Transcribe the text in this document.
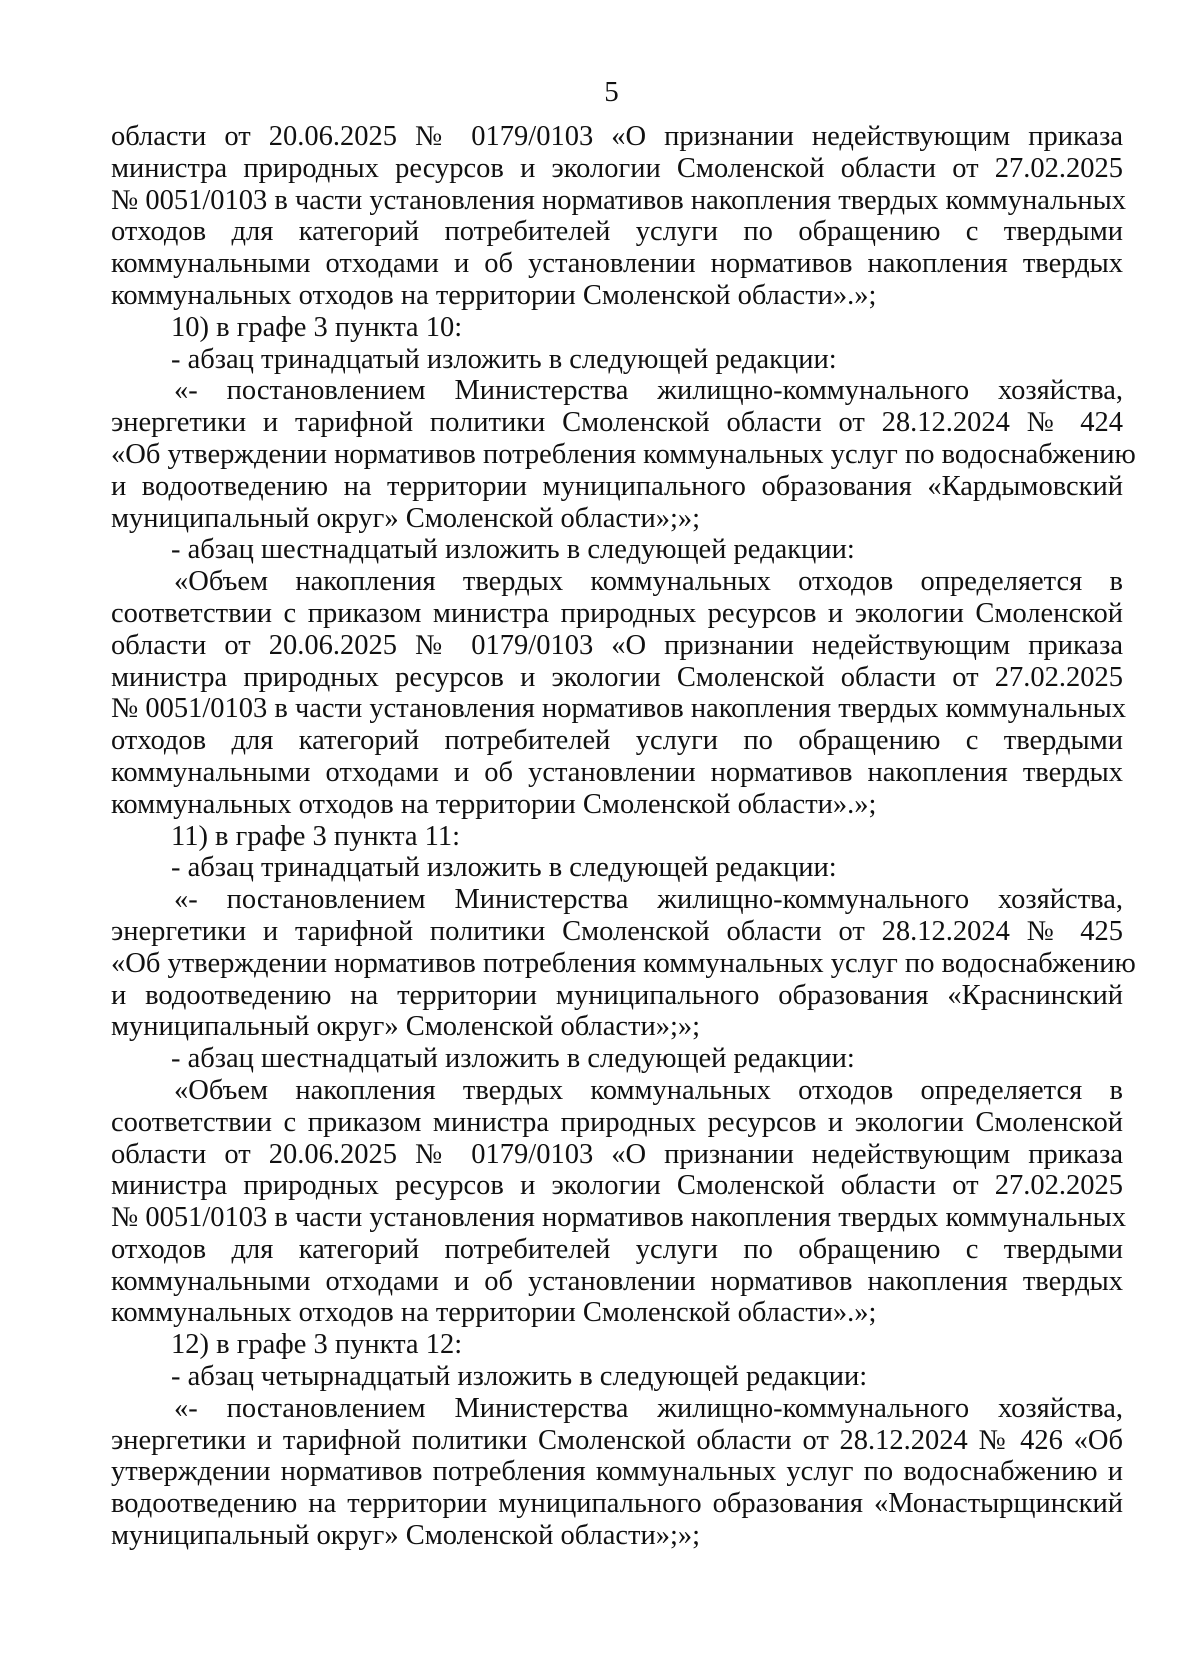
5
области от 20.06.2025 № 0179/0103 «О признании недействующим приказа
министра природных ресурсов и экологии Смоленской области от 27.02.2025
№ 0051/0103 в части установления нормативов накопления твердых коммунальных
отходов для категорий потребителей услуги по обращению с твердыми
коммунальными отходами и об установлении нормативов накопления твердых
коммунальных отходов на территории Смоленской области».»;
10) в графе 3 пункта 10:
- абзац тринадцатый изложить в следующей редакции:
«- постановлением Министерства жилищно-коммунального хозяйства,
энергетики и тарифной политики Смоленской области от 28.12.2024 № 424
«Об утверждении нормативов потребления коммунальных услуг по водоснабжению
и водоотведению на территории муниципального образования «Кардымовский
муниципальный округ» Смоленской области»;»;
- абзац шестнадцатый изложить в следующей редакции:
«Объем накопления твердых коммунальных отходов определяется в
соответствии с приказом министра природных ресурсов и экологии Смоленской
области от 20.06.2025 № 0179/0103 «О признании недействующим приказа
министра природных ресурсов и экологии Смоленской области от 27.02.2025
№ 0051/0103 в части установления нормативов накопления твердых коммунальных
отходов для категорий потребителей услуги по обращению с твердыми
коммунальными отходами и об установлении нормативов накопления твердых
коммунальных отходов на территории Смоленской области».»;
11) в графе 3 пункта 11:
- абзац тринадцатый изложить в следующей редакции:
«- постановлением Министерства жилищно-коммунального хозяйства,
энергетики и тарифной политики Смоленской области от 28.12.2024 № 425
«Об утверждении нормативов потребления коммунальных услуг по водоснабжению
и водоотведению на территории муниципального образования «Краснинский
муниципальный округ» Смоленской области»;»;
- абзац шестнадцатый изложить в следующей редакции:
«Объем накопления твердых коммунальных отходов определяется в
соответствии с приказом министра природных ресурсов и экологии Смоленской
области от 20.06.2025 № 0179/0103 «О признании недействующим приказа
министра природных ресурсов и экологии Смоленской области от 27.02.2025
№ 0051/0103 в части установления нормативов накопления твердых коммунальных
отходов для категорий потребителей услуги по обращению с твердыми
коммунальными отходами и об установлении нормативов накопления твердых
коммунальных отходов на территории Смоленской области».»;
12) в графе 3 пункта 12:
- абзац четырнадцатый изложить в следующей редакции:
«- постановлением Министерства жилищно-коммунального хозяйства,
энергетики и тарифной политики Смоленской области от 28.12.2024 № 426 «Об
утверждении нормативов потребления коммунальных услуг по водоснабжению и
водоотведению на территории муниципального образования «Монастырщинский
муниципальный округ» Смоленской области»;»;
